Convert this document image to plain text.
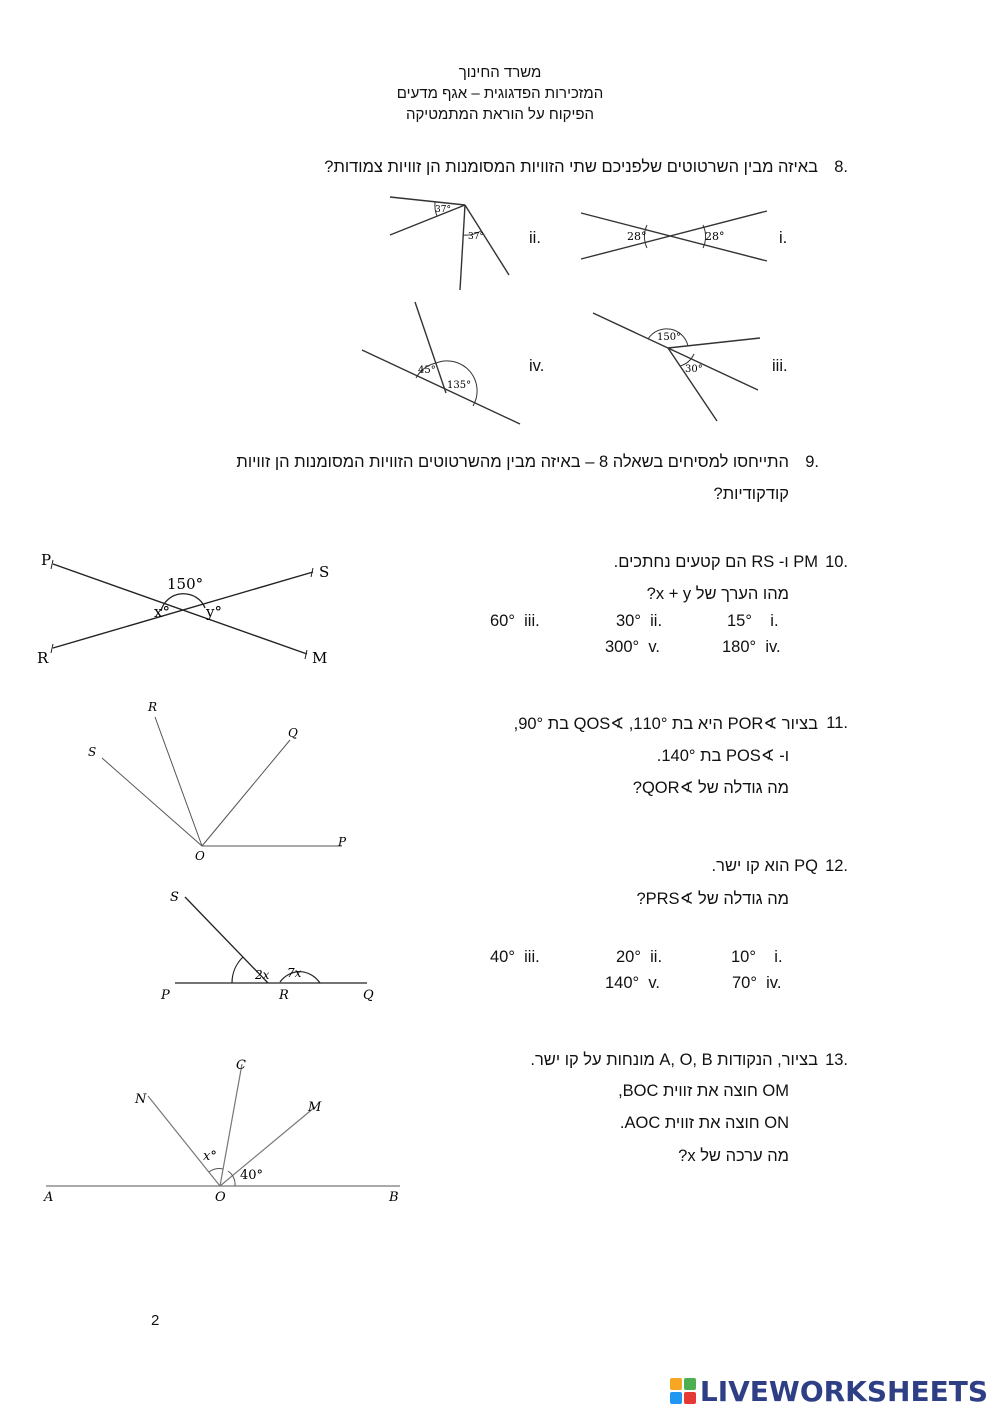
משרד החינוך
המזכירות הפדגוגית – אגף מדעים
הפיקוח על הוראת המתמטיקה
8.
באיזה מבין השרטוטים שלפניכם שתי הזוויות המסומנות הן זוויות צמודות?
28°	28°	i.
37°
37°	ii.
150°
30°	iii.
45°
135°
iv.
9.
התייחסו למסיחים בשאלה 8 – באיזה מבין מהשרטוטים הזוויות המסומנות הן זוויות
קודקודיות?
10.
PM ו- RS הם קטעים נחתכים.
מהו הערך של x + y?
15° i.
30° ii.
60° iii.
180° iv.
300° v.
P
S
R	M
150°
x° y°
11.
בציור ∢POR היא בת 110°, ∢QOS בת 90°,
ו- ∢POS בת 140°.
מה גודלה של ∢QOR?
R
S
Q
O
P
12.
PQ הוא קו ישר.
מה גודלה של ∢PRS?
10° i.
20° ii.
40° iii.
70° iv.
140° v.
S
P	R	Q
2x 7x
13.
בציור, הנקודות A, O, B מונחות על קו ישר.
OM חוצה את זווית BOC,
ON חוצה את זווית AOC.
מה ערכה של x?
N
C
M
A	O	B
x°
40°
2
LIVEWORKSHEETS
